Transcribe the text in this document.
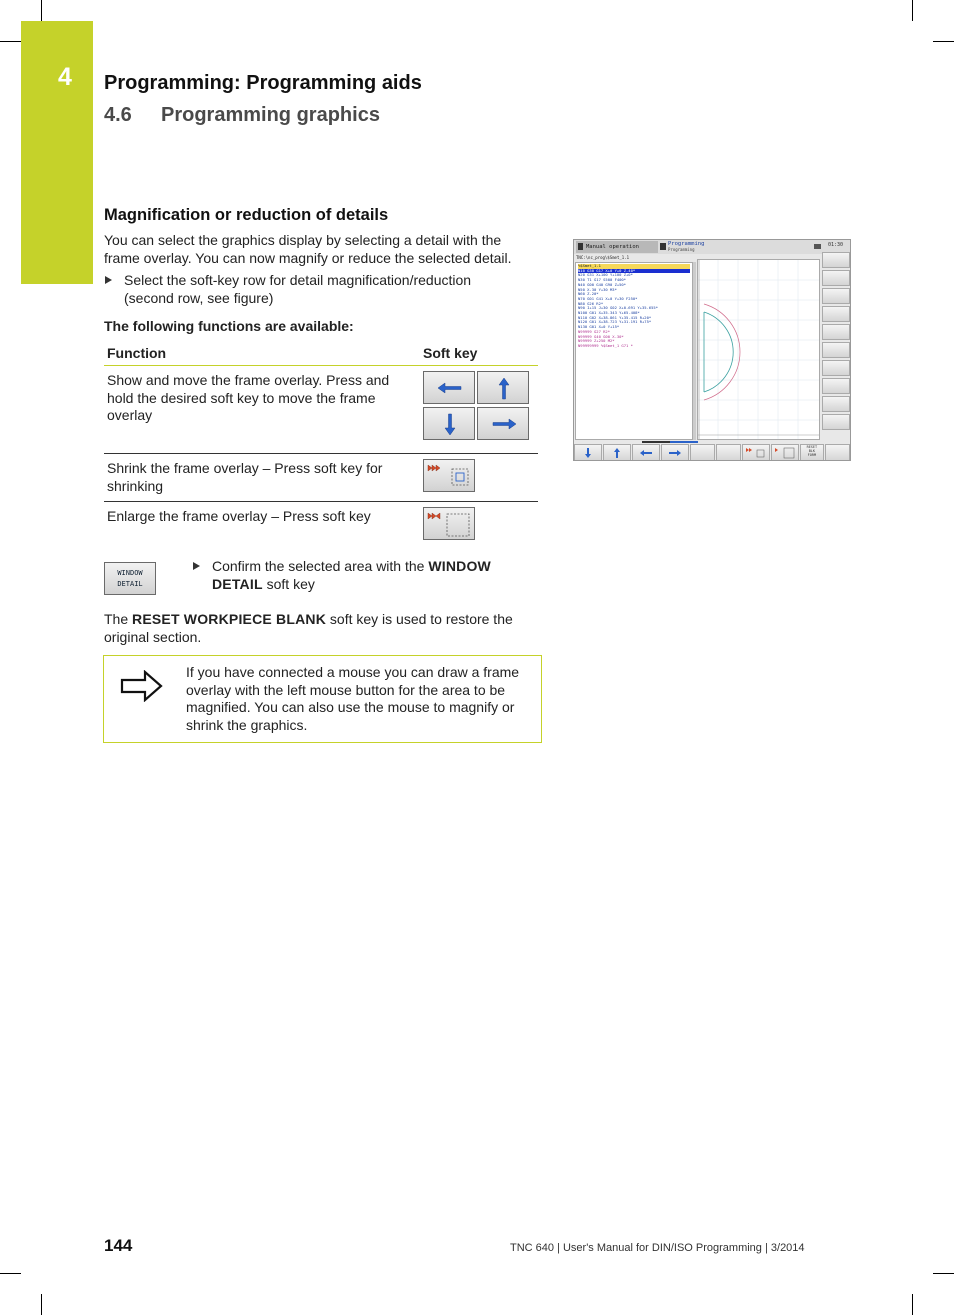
4 Programming: Programming aids
4.6 Programming graphics
Magnification or reduction of details
You can select the graphics display by selecting a detail with the frame overlay. You can now magnify or reduce the selected detail.
Select the soft-key row for detail magnification/reduction (second row, see figure)
The following functions are available:
Function	Soft key
Show and move the frame overlay. Press and hold the desired soft key to move the frame overlay	

Shrink the frame overlay – Press soft key for shrinking	

Enlarge the frame overlay – Press soft key	
WINDOW
DETAIL
Confirm the selected area with the WINDOW DETAIL soft key
The RESET WORKPIECE BLANK soft key is used to restore the original section.
If you have connected a mouse you can draw a frame overlay with the left mouse button for the area to be magnified. You can also use the mouse to magnify or shrink the graphics.
Manual operation	Programming
Programming
01:30
TNC:\nc_prog\$Smet_1.1
%$Smet_1.1
N10 G30 G17 X+0 Y+0 Z-40*
N20 G31 X+100 Y+100 Z+0*
N30 T1 G17 S500 F400*
N40 G00 G40 G90 Z+50*
N50 X-30 Y+30 M3*
N60 Z-20*
N70 G01 G41 X+0 Y+30 F250*
N80 G26 R2*
N90 I+15 J+30 G02 X+0.691 Y+35.655*
N100 G01 X+35.343 Y+65.408*
N110 G02 X+38.861 Y+35.415 R+20*
N120 G01 X+38.723 Y+31.191 R+75*
N130 G01 X+0 Y+15*
N99999 G27 R2*
N99999 G40 G00 X-30*
N99999 Z+250 M2*
N99999999 %$Smet_1 G71 *
RESET
BLK
FORM
144	TNC 640 | User's Manual for DIN/ISO Programming | 3/2014
